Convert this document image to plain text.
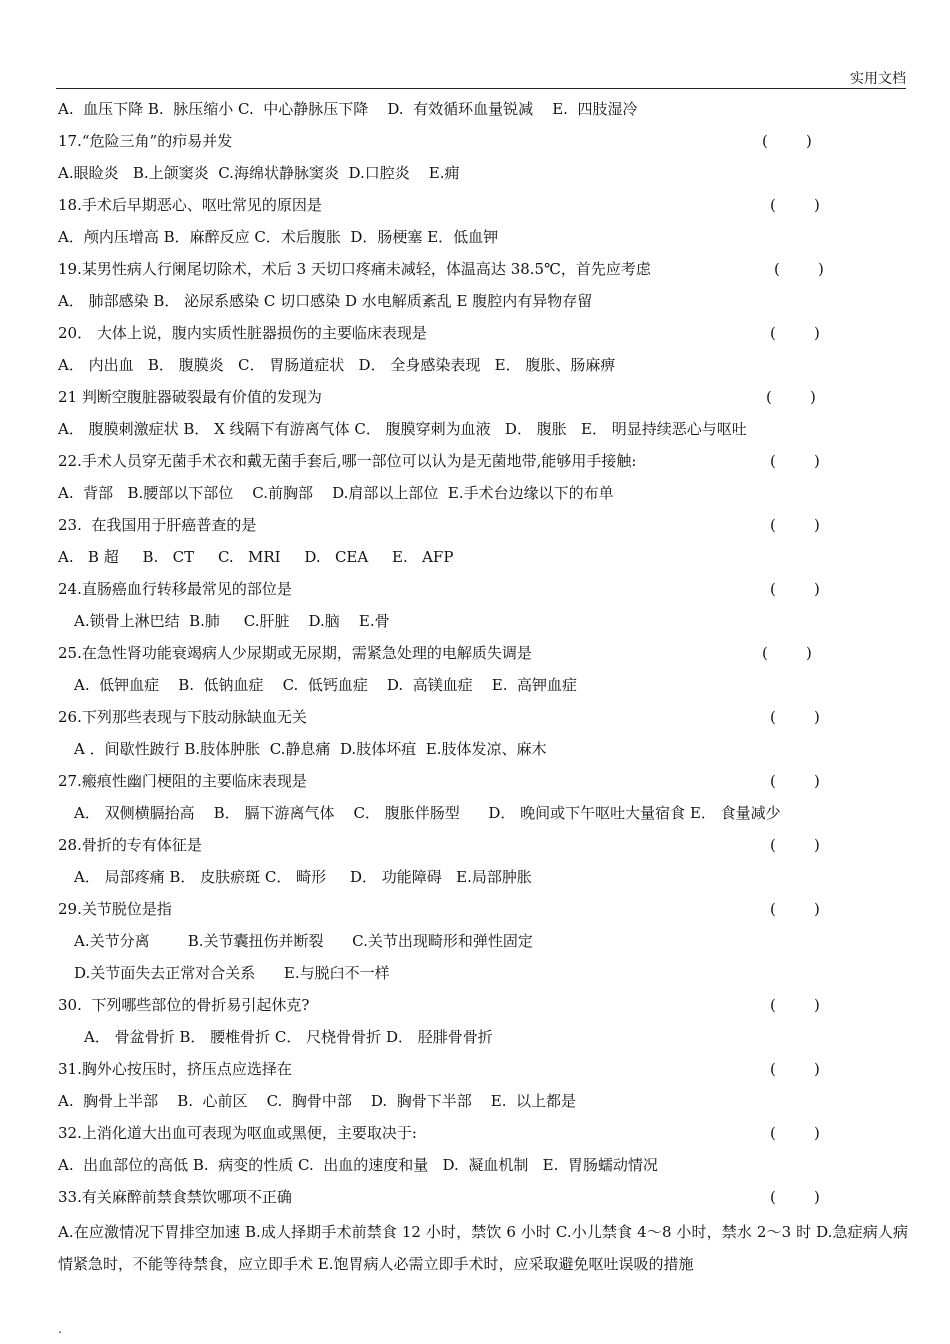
实用文档
A.  血压下降 B.  脉压缩小 C.  中心静脉压下降    D.  有效循环血量锐减    E.  四肢湿冷
17.“危险三角”的疖易并发	(        )
A.眼睑炎   B.上颌窦炎  C.海绵状静脉窦炎  D.口腔炎    E.痈
18.手术后早期恶心、呕吐常见的原因是	(        )
A．颅内压增高 B．麻醉反应 C．术后腹胀  D．肠梗塞 E．低血钾
19.某男性病人行阑尾切除术，术后 3 天切口疼痛未减轻，体温高达 38.5℃，首先应考虑	(        )
A． 肺部感染 B． 泌尿系感染 C 切口感染 D 水电解质紊乱 E 腹腔内有异物存留
20． 大体上说，腹内实质性脏器损伤的主要临床表现是	(        )
A． 内出血   B． 腹膜炎   C． 胃肠道症状   D． 全身感染表现   E． 腹胀、肠麻痹
21 判断空腹脏器破裂最有价值的发现为	(        )
A． 腹膜刺激症状 B． X 线隔下有游离气体 C． 腹膜穿刺为血液   D． 腹胀   E． 明显持续恶心与呕吐
22.手术人员穿无菌手术衣和戴无菌手套后,哪一部位可以认为是无菌地带,能够用手接触:	(        )
A.  背部   B.腰部以下部位    C.前胸部    D.肩部以上部位  E.手术台边缘以下的布单
23.  在我国用于肝癌普查的是	(        )
A.   B 超     B.   CT     C.   MRI     D.   CEA     E.   AFP
24.直肠癌血行转移最常见的部位是	(        )
A.锁骨上淋巴结  B.肺     C.肝脏    D.脑    E.骨
25.在急性肾功能衰竭病人少尿期或无尿期，需紧急处理的电解质失调是	(        )
A.  低钾血症    B.  低钠血症    C.  低钙血症    D.  高镁血症    E.  高钾血症
26.下列那些表现与下肢动脉缺血无关	(        )
A ．间歇性跛行 B.肢体肿胀  C.静息痛  D.肢体坏疽  E.肢体发凉、麻木
27.瘢痕性幽门梗阻的主要临床表现是	(        )
A． 双侧横膈抬高    B． 膈下游离气体    C． 腹胀伴肠型      D． 晚间或下午呕吐大量宿食 E． 食量减少
28.骨折的专有体征是	(        )
A． 局部疼痛 B． 皮肤瘀斑 C． 畸形     D． 功能障碍   E.局部肿胀
29.关节脱位是指	(        )
A.关节分离        B.关节囊扭伤并断裂      C.关节出现畸形和弹性固定
D.关节面失去正常对合关系      E.与脱臼不一样
30.  下列哪些部位的骨折易引起休克?	(        )
A． 骨盆骨折 B． 腰椎骨折 C． 尺桡骨骨折 D． 胫腓骨骨折
31.胸外心按压时，挤压点应选择在	(        )
A.  胸骨上半部    B.  心前区    C.  胸骨中部    D.  胸骨下半部    E.  以上都是
32.上消化道大出血可表现为呕血或黑便，主要取决于:	(        )
A.  出血部位的高低 B.  病变的性质 C.  出血的速度和量   D.  凝血机制   E.  胃肠蠕动情况
33.有关麻醉前禁食禁饮哪项不正确	(        )
A.在应激情况下胃排空加速 B.成人择期手术前禁食 12 小时，禁饮 6 小时 C.小儿禁食 4～8 小时，禁水 2～3 时 D.急症病人病情紧急时，不能等待禁食，应立即手术 E.饱胃病人必需立即手术时，应采取避免呕吐误吸的措施
.
